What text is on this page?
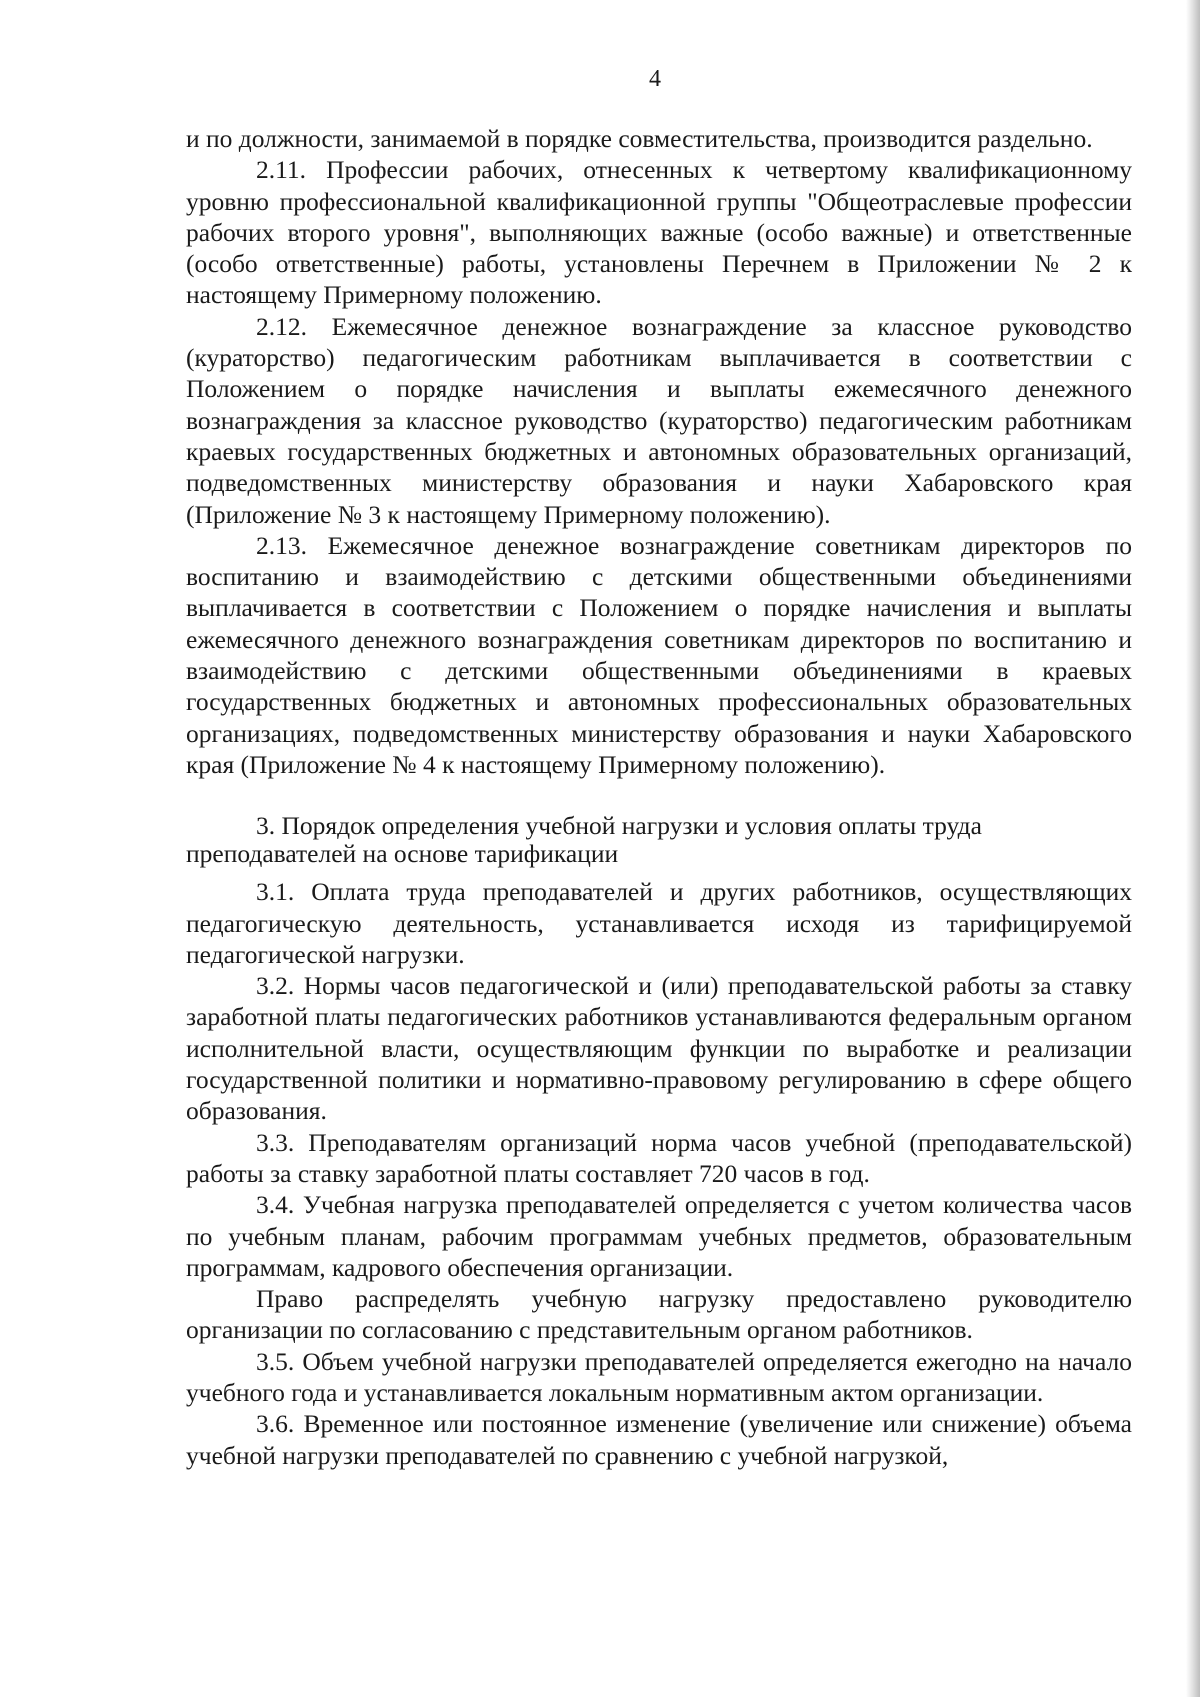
4

и по должности, занимаемой в порядке совместительства, производится раздельно.

2.11. Профессии рабочих, отнесенных к четвертому квалификационному уровню профессиональной квалификационной группы "Общеотраслевые профессии рабочих второго уровня", выполняющих важные (особо важные) и ответственные (особо ответственные) работы, установлены Перечнем в Приложении № 2 к настоящему Примерному положению.

2.12. Ежемесячное денежное вознаграждение за классное руководство (кураторство) педагогическим работникам выплачивается в соответствии с Положением о порядке начисления и выплаты ежемесячного денежного вознаграждения за классное руководство (кураторство) педагогическим работникам краевых государственных бюджетных и автономных образовательных организаций, подведомственных министерству образования и науки Хабаровского края (Приложение № 3 к настоящему Примерному положению).

2.13. Ежемесячное денежное вознаграждение советникам директоров по воспитанию и взаимодействию с детскими общественными объединениями выплачивается в соответствии с Положением о порядке начисления и выплаты ежемесячного денежного вознаграждения советникам директоров по воспитанию и взаимодействию с детскими общественными объединениями в краевых государственных бюджетных и автономных профессиональных образовательных организациях, подведомственных министерству образования и науки Хабаровского края (Приложение № 4 к настоящему Примерному положению).

3. Порядок определения учебной нагрузки и условия оплаты труда преподавателей на основе тарификации

3.1. Оплата труда преподавателей и других работников, осуществляющих педагогическую деятельность, устанавливается исходя из тарифицируемой педагогической нагрузки.

3.2. Нормы часов педагогической и (или) преподавательской работы за ставку заработной платы педагогических работников устанавливаются федеральным органом исполнительной власти, осуществляющим функции по выработке и реализации государственной политики и нормативно-правовому регулированию в сфере общего образования.

3.3. Преподавателям организаций норма часов учебной (преподавательской) работы за ставку заработной платы составляет 720 часов в год.

3.4. Учебная нагрузка преподавателей определяется с учетом количества часов по учебным планам, рабочим программам учебных предметов, образовательным программам, кадрового обеспечения организации.

Право распределять учебную нагрузку предоставлено руководителю организации по согласованию с представительным органом работников.

3.5. Объем учебной нагрузки преподавателей определяется ежегодно на начало учебного года и устанавливается локальным нормативным актом организации.

3.6. Временное или постоянное изменение (увеличение или снижение) объема учебной нагрузки преподавателей по сравнению с учебной нагрузкой,
